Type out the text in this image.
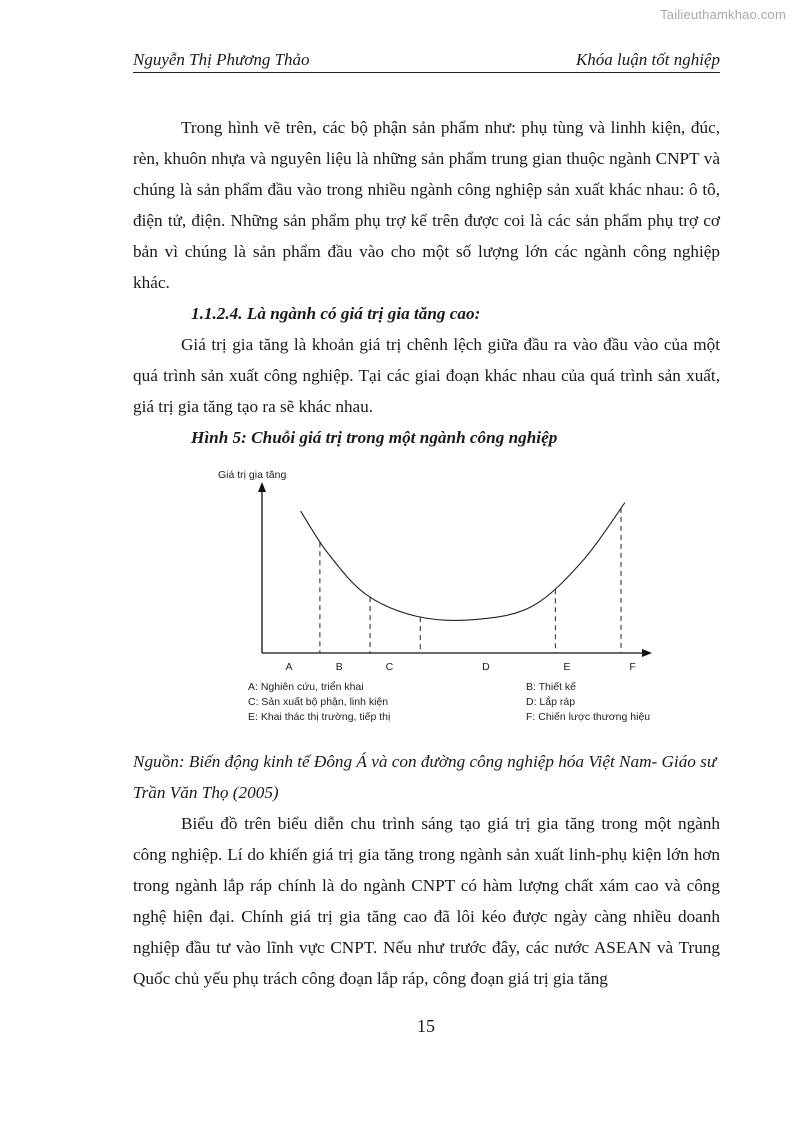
Tailieuthamkhao.com
Nguyễn Thị Phương Thảo	Khóa luận tốt nghiệp

Trong hình vẽ trên, các bộ phận sản phẩm như: phụ tùng và linhh kiện, đúc, rèn, khuôn nhựa và nguyên liệu là những sản phẩm trung gian thuộc ngành CNPT và chúng là sản phẩm đầu vào trong nhiều ngành công nghiệp sản xuất khác nhau: ô tô, điện tử, điện. Những sản phẩm phụ trợ kể trên được coi là các sản phẩm phụ trợ cơ bản vì chúng là sản phẩm đầu vào cho một số lượng lớn các ngành công nghiệp khác.

1.1.2.4. Là ngành có giá trị gia tăng cao:

Giá trị gia tăng là khoản giá trị chênh lệch giữa đầu ra vào đầu vào của một quá trình sản xuất công nghiệp. Tại các giai đoạn khác nhau của quá trình sản xuất, giá trị gia tăng tạo ra sẽ khác nhau.

Hình 5: Chuỗi giá trị trong một ngành công nghiệp

Giá trị gia tăng
A	B	C	D	E	F
A: Nghiên cứu, triển khai	B: Thiết kế
C: Sản xuất bộ phận, linh kiện	D: Lắp ráp
E: Khai thác thị trường, tiếp thị	F: Chiến lược thương hiệu

Nguồn: Biến động kinh tế Đông Á và con đường công nghiệp hóa Việt Nam- Giáo sư Trần Văn Thọ (2005)

Biểu đồ trên biểu diễn chu trình sáng tạo giá trị gia tăng trong một ngành công nghiệp. Lí do khiến giá trị gia tăng trong ngành sản xuất linh-phụ kiện lớn hơn trong ngành lắp ráp chính là do ngành CNPT có hàm lượng chất xám cao và công nghệ hiện đại. Chính giá trị gia tăng cao đã lôi kéo được ngày càng nhiều doanh nghiệp đầu tư vào lĩnh vực CNPT. Nếu như trước đây, các nước ASEAN và Trung Quốc chủ yếu phụ trách công đoạn lắp ráp, công đoạn giá trị gia tăng

15
